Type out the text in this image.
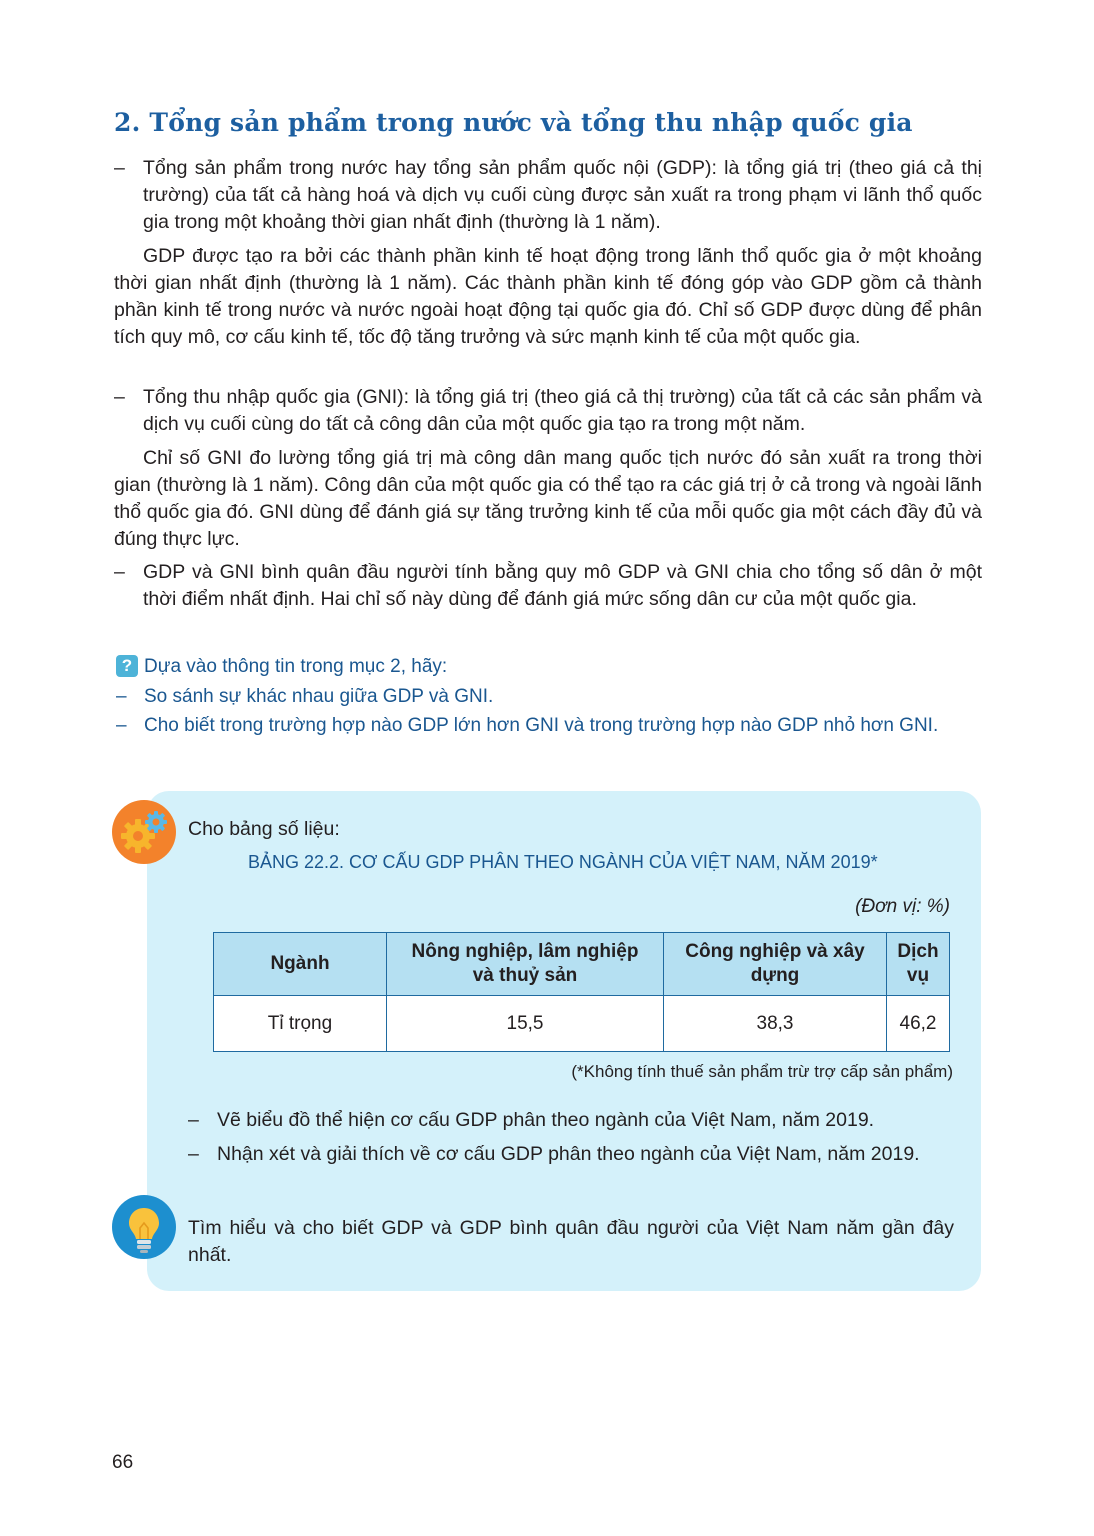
2. Tổng sản phẩm trong nước và tổng thu nhập quốc gia
– Tổng sản phẩm trong nước hay tổng sản phẩm quốc nội (GDP): là tổng giá trị (theo giá cả thị trường) của tất cả hàng hoá và dịch vụ cuối cùng được sản xuất ra trong phạm vi lãnh thổ quốc gia trong một khoảng thời gian nhất định (thường là 1 năm).
GDP được tạo ra bởi các thành phần kinh tế hoạt động trong lãnh thổ quốc gia ở một khoảng thời gian nhất định (thường là 1 năm). Các thành phần kinh tế đóng góp vào GDP gồm cả thành phần kinh tế trong nước và nước ngoài hoạt động tại quốc gia đó. Chỉ số GDP được dùng để phân tích quy mô, cơ cấu kinh tế, tốc độ tăng trưởng và sức mạnh kinh tế của một quốc gia.
– Tổng thu nhập quốc gia (GNI): là tổng giá trị (theo giá cả thị trường) của tất cả các sản phẩm và dịch vụ cuối cùng do tất cả công dân của một quốc gia tạo ra trong một năm.
Chỉ số GNI đo lường tổng giá trị mà công dân mang quốc tịch nước đó sản xuất ra trong thời gian (thường là 1 năm). Công dân của một quốc gia có thể tạo ra các giá trị ở cả trong và ngoài lãnh thổ quốc gia đó. GNI dùng để đánh giá sự tăng trưởng kinh tế của mỗi quốc gia một cách đầy đủ và đúng thực lực.
– GDP và GNI bình quân đầu người tính bằng quy mô GDP và GNI chia cho tổng số dân ở một thời điểm nhất định. Hai chỉ số này dùng để đánh giá mức sống dân cư của một quốc gia.
? Dựa vào thông tin trong mục 2, hãy:
– So sánh sự khác nhau giữa GDP và GNI.
– Cho biết trong trường hợp nào GDP lớn hơn GNI và trong trường hợp nào GDP nhỏ hơn GNI.
Cho bảng số liệu:
BẢNG 22.2. CƠ CẤU GDP PHÂN THEO NGÀNH CỦA VIỆT NAM, NĂM 2019*
(Đơn vị: %)
Ngành	Nông nghiệp, lâm nghiệp và thuỷ sản	Công nghiệp và xây dựng	Dịch vụ
Tỉ trọng	15,5	38,3	46,2
(*Không tính thuế sản phẩm trừ trợ cấp sản phẩm)
– Vẽ biểu đồ thể hiện cơ cấu GDP phân theo ngành của Việt Nam, năm 2019.
– Nhận xét và giải thích về cơ cấu GDP phân theo ngành của Việt Nam, năm 2019.
Tìm hiểu và cho biết GDP và GDP bình quân đầu người của Việt Nam năm gần đây nhất.
66
